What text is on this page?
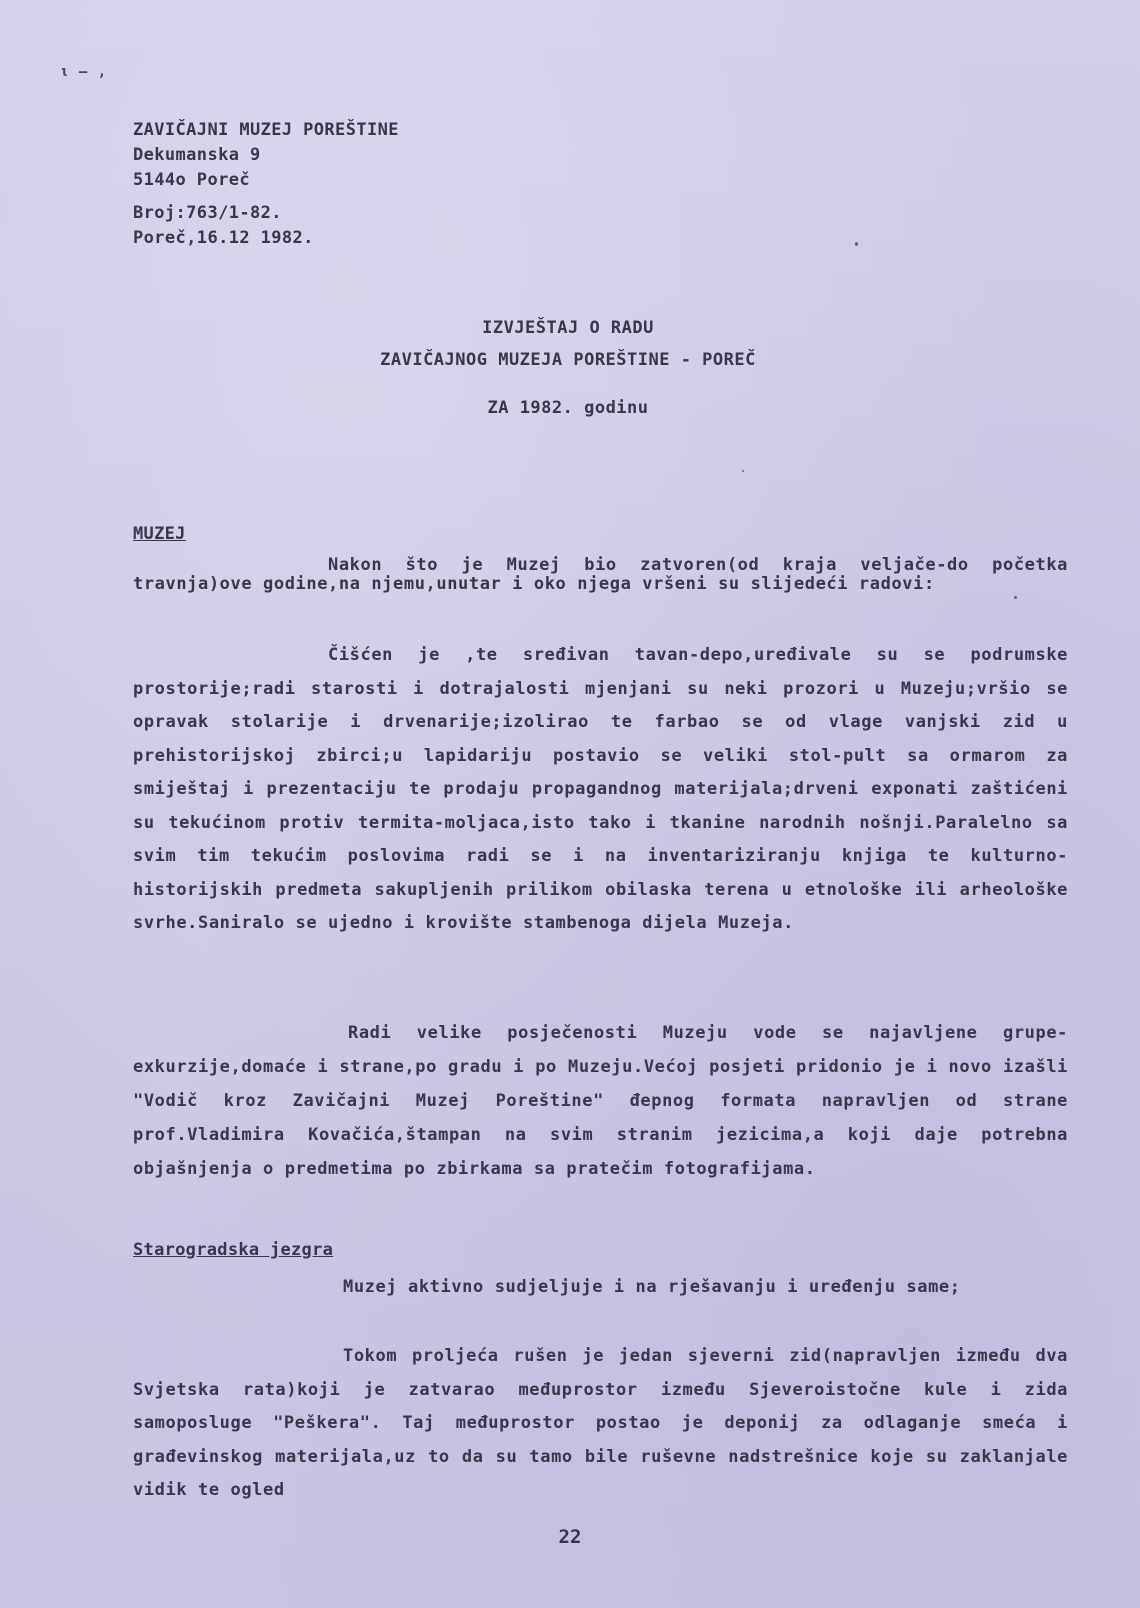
ι — ,
ZAVIČAJNI MUZEJ POREŠTINE
Dekumanska 9
5144o Poreč
Broj:763/1-82.
Poreč,16.12 1982.
IZVJEŠTAJ O RADU
ZAVIČAJNOG MUZEJA POREŠTINE - POREČ
ZA 1982. godinu
MUZEJ
Nakon što je Muzej bio zatvoren(od kraja veljače-do početka travnja)ove godine,na njemu,unutar i oko njega vršeni su slijedeći radovi:
Čišćen je ,te sređivan tavan-depo,uređivale su se podrumske prostorije;radi starosti i dotrajalosti mjenjani su neki prozori u Muzeju;vršio se opravak stolarije i drvenarije;izolirao te farbao se od vlage vanjski zid u prehistorijskoj zbirci;u lapidariju postavio se veliki stol-pult sa ormarom za smiještaj i prezentaciju te prodaju propagandnog materijala;drveni exponati zaštićeni su tekućinom protiv termita-moljaca,isto tako i tkanine narodnih nošnji.Paralelno sa svim tim tekućim poslovima radi se i na inventariziranju knjiga te kulturno-historijskih predmeta sakupljenih prilikom obilaska terena u etnološke ili arheološke svrhe.Saniralo se ujedno i krovište stambenoga dijela Muzeja.
Radi velike posječenosti Muzeju vode se najavljene grupe-exkurzije,domaće i strane,po gradu i po Muzeju.Većoj posjeti pridonio je i novo izašli "Vodič kroz Zavičajni Muzej Poreštine" đepnog formata napravljen od strane prof.Vladimira Kovačića,štampan na svim stranim jezicima,a koji daje potrebna objašnjenja o predmetima po zbirkama sa pratečim fotografijama.
Starogradska jezgra
Muzej aktivno sudjeljuje i na rješavanju i uređenju same;
Tokom proljeća rušen je jedan sjeverni zid(napravljen između dva Svjetska rata)koji je zatvarao međuprostor između Sjeveroistočne kule i zida samoposluge "Peškera". Taj međuprostor postao je deponij za odlaganje smeća i građevinskog materijala,uz to da su tamo bile ruševne nadstrešnice koje su zaklanjale vidik te ogled
22
